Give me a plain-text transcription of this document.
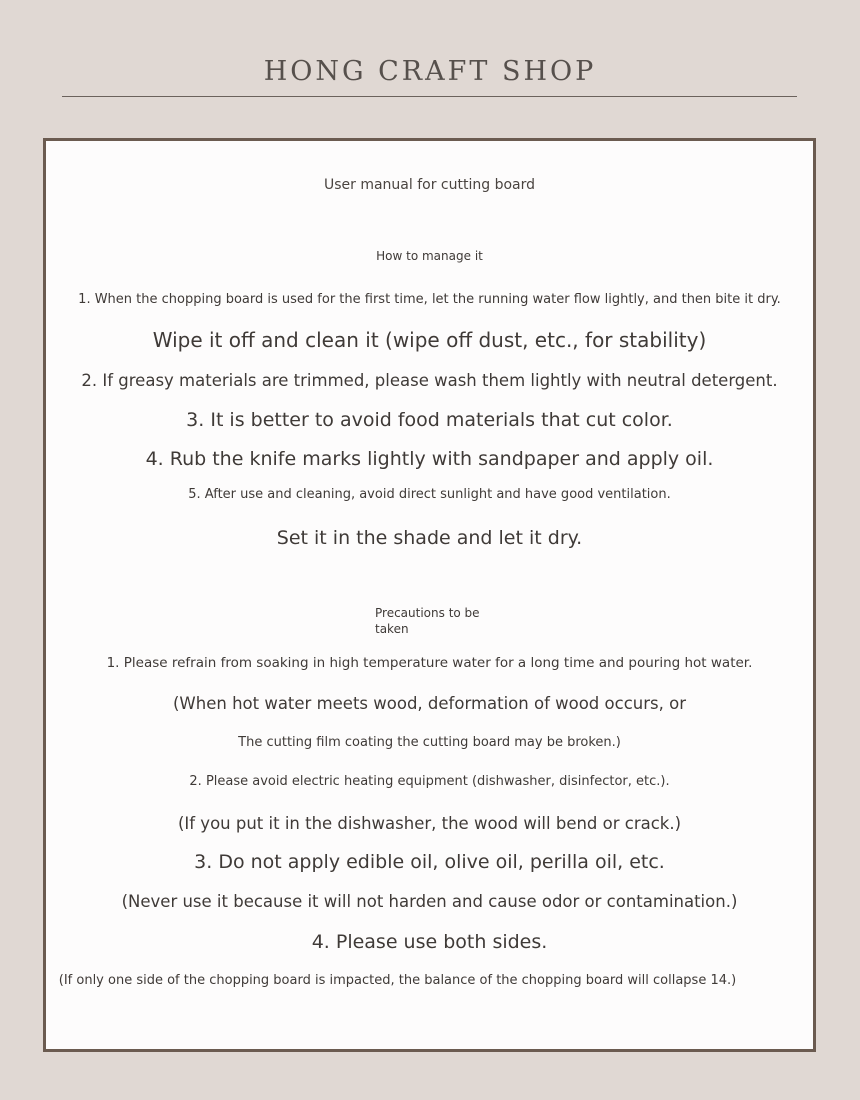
HONG CRAFT SHOP
User manual for cutting board
How to manage it
1. When the chopping board is used for the first time, let the running water flow lightly, and then bite it dry.
Wipe it off and clean it (wipe off dust, etc., for stability)
2. If greasy materials are trimmed, please wash them lightly with neutral detergent.
3. It is better to avoid food materials that cut color.
4. Rub the knife marks lightly with sandpaper and apply oil.
5. After use and cleaning, avoid direct sunlight and have good ventilation.
Set it in the shade and let it dry.
Precautions to be taken
1. Please refrain from soaking in high temperature water for a long time and pouring hot water.
(When hot water meets wood, deformation of wood occurs, or
The cutting film coating the cutting board may be broken.)
2. Please avoid electric heating equipment (dishwasher, disinfector, etc.).
(If you put it in the dishwasher, the wood will bend or crack.)
3. Do not apply edible oil, olive oil, perilla oil, etc.
(Never use it because it will not harden and cause odor or contamination.)
4. Please use both sides.
(If only one side of the chopping board is impacted, the balance of the chopping board will collapse 14.)
